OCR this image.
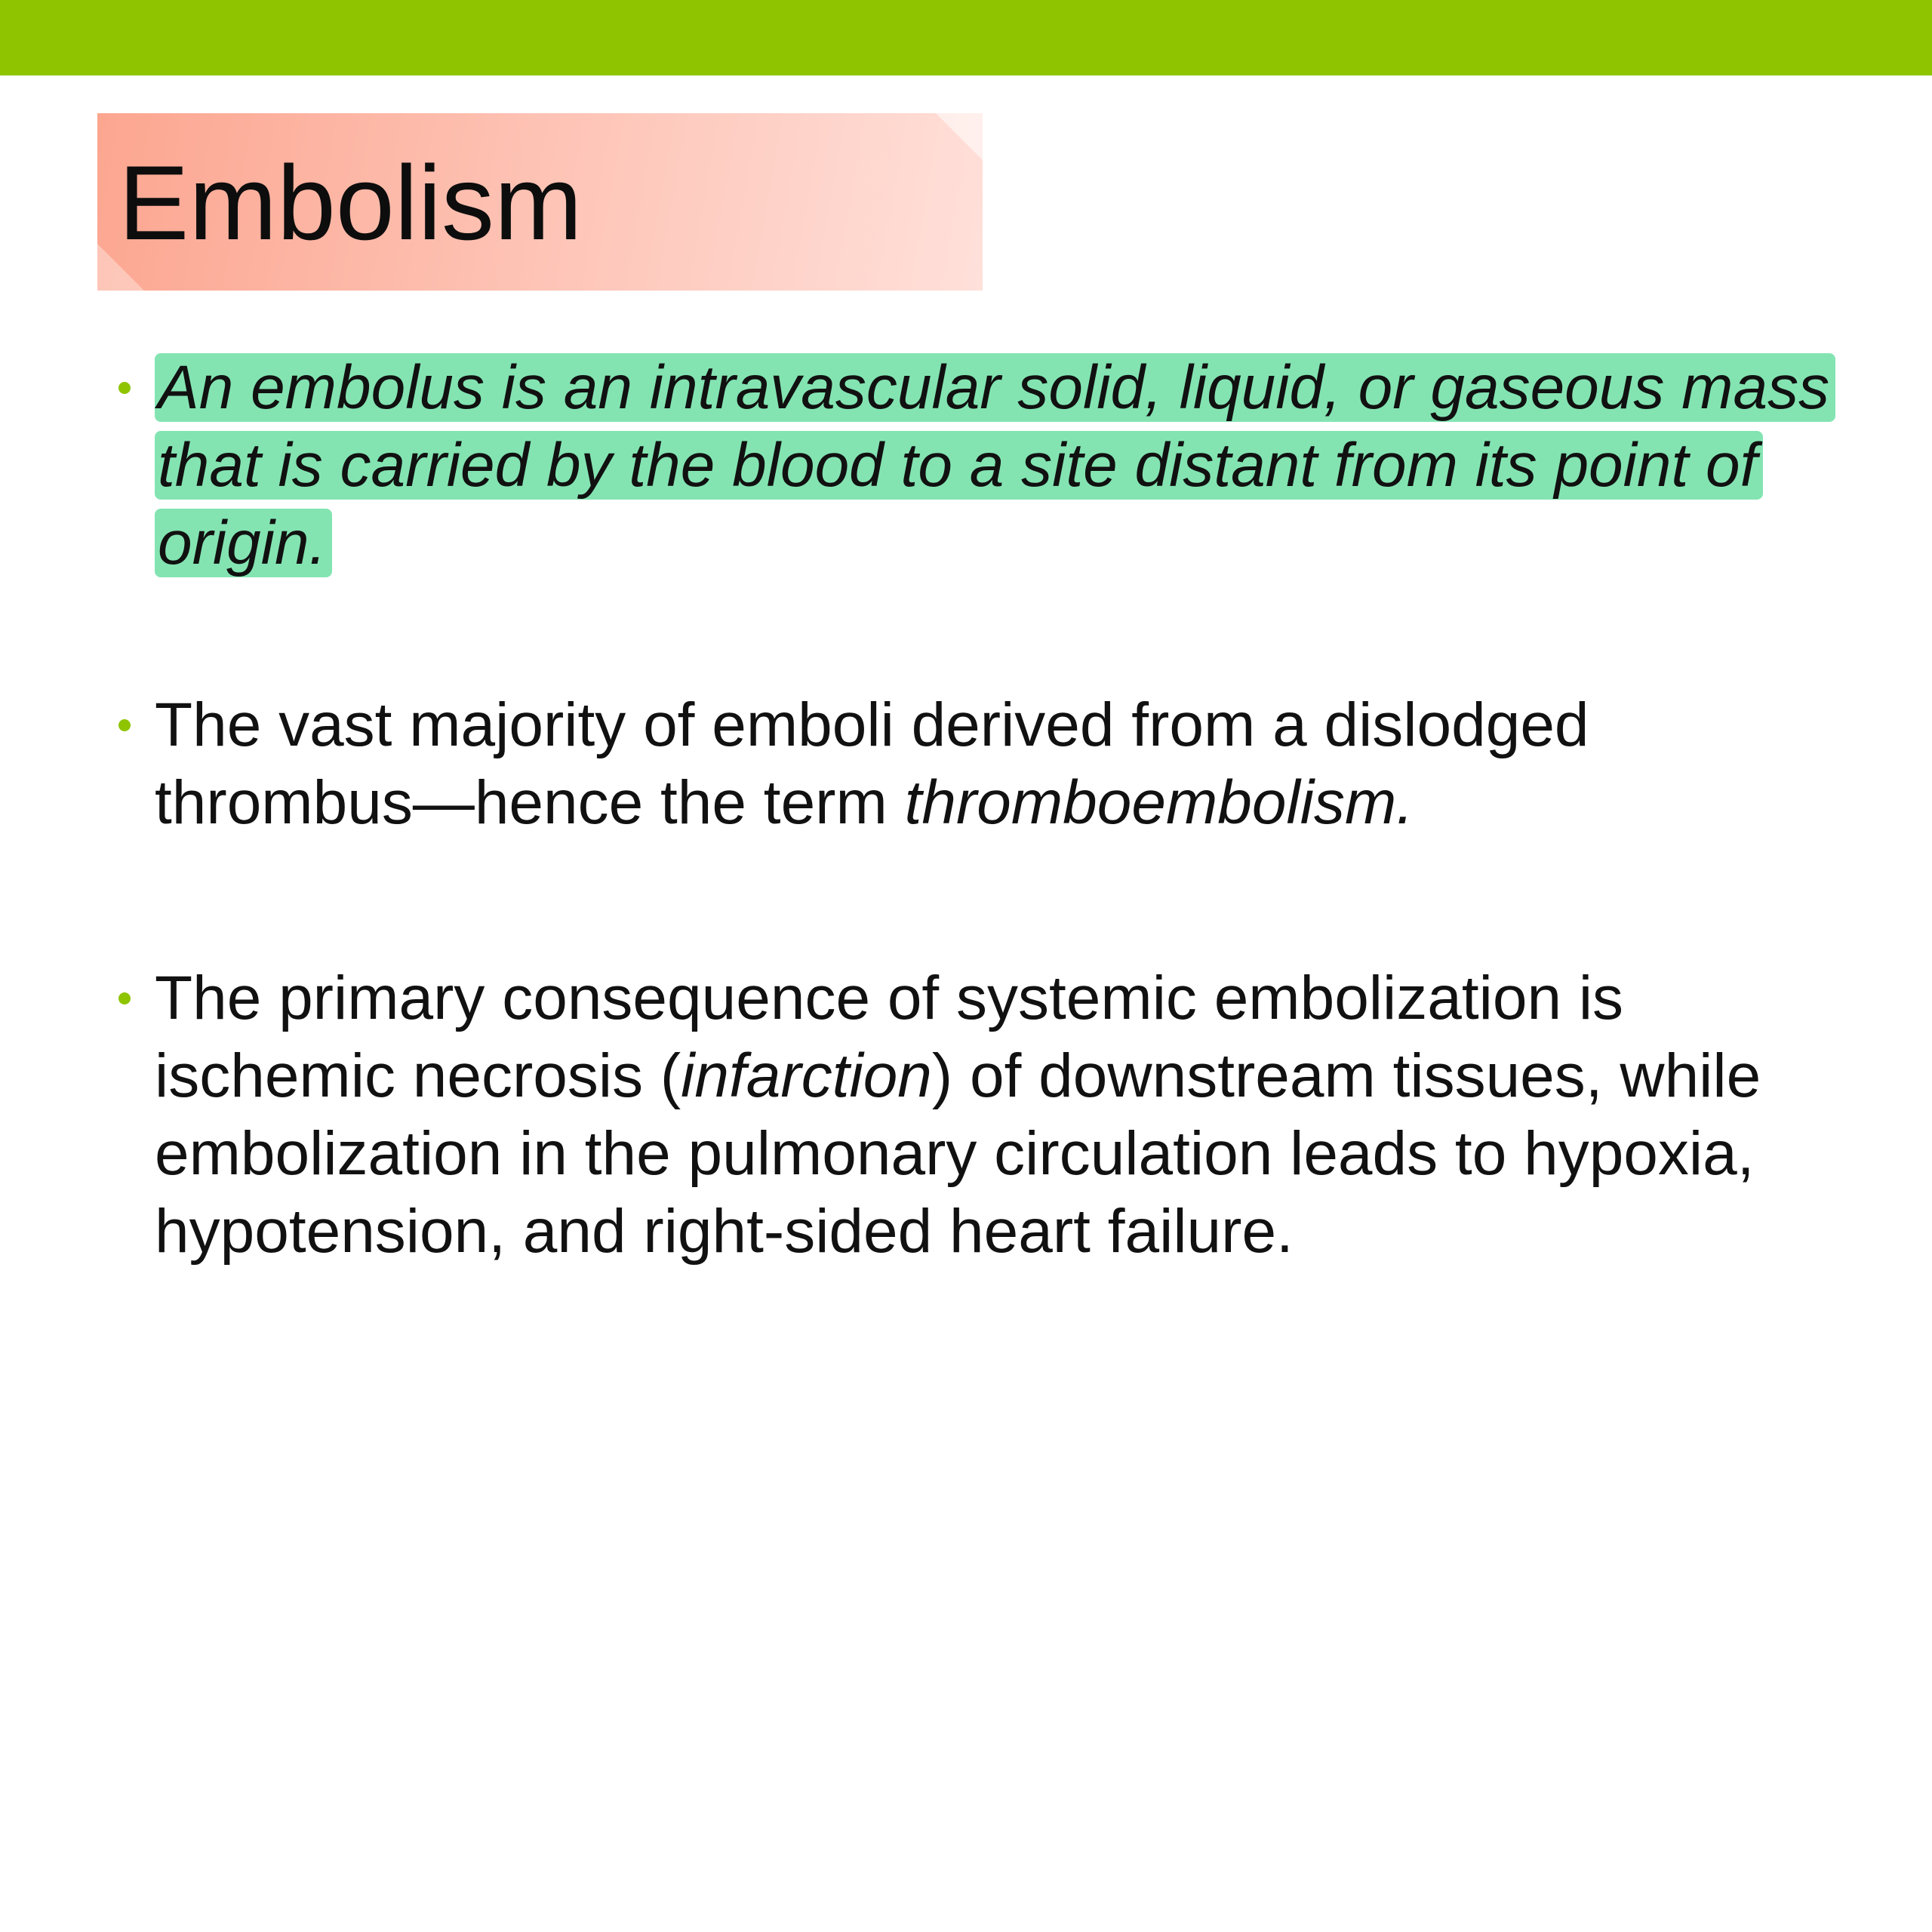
Embolism
An embolus is an intravascular solid, liquid, or gaseous mass that is carried by the blood to a site distant from its point of origin.
The vast majority of emboli derived from a dislodged thrombus—hence the term thromboembolism.
The primary consequence of systemic embolization is ischemic necrosis (infarction) of downstream tissues, while embolization in the pulmonary circulation leads to hypoxia, hypotension, and right-sided heart failure.
